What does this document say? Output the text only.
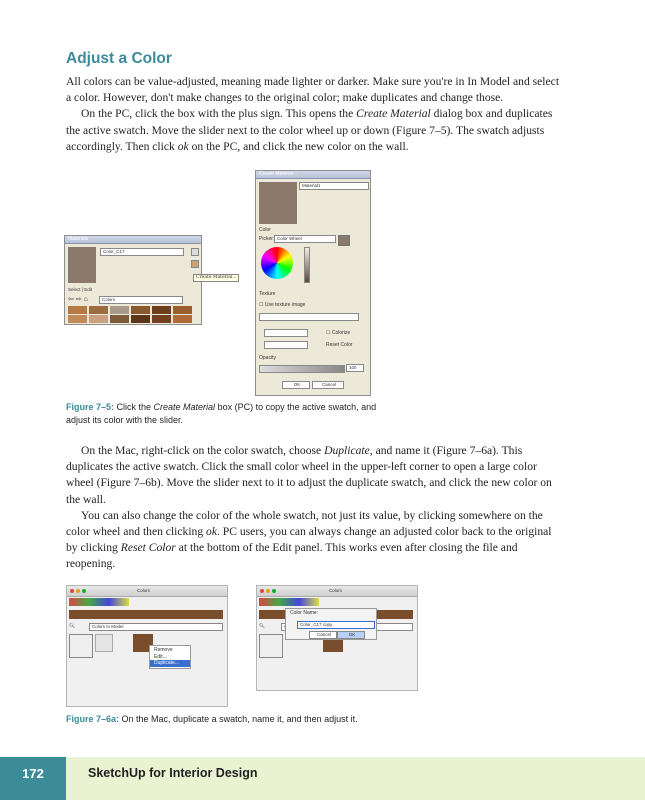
Adjust a Color

All colors can be value-adjusted, meaning made lighter or darker. Make sure you're in In Model and select a color. However, don't make changes to the original color; make duplicates and change those.

On the PC, click the box with the plus sign. This opens the Create Material dialog box and duplicates the active swatch. Move the slider next to the color wheel up or down (Figure 7–5). The swatch adjusts accordingly. Then click ok on the PC, and click the new color on the wall.

Materials
Color_C17
Select | Edit
⇦ ⇨ ⌂	Colors
Create Material...
Create Material...
Material1
Color
Picker: Color Wheel
Texture
☐ Use texture image
☐ Colorize
Reset Color
Opacity
100
OK	Cancel
Figure 7–5: Click the Create Material box (PC) to copy the active swatch, and adjust its color with the slider.

On the Mac, right-click on the color swatch, choose Duplicate, and name it (Figure 7–6a). This duplicates the active swatch. Click the small color wheel in the upper-left corner to open a large color wheel (Figure 7–6b). Move the slider next to it to adjust the duplicate swatch, and click the new color on the wall.

You can also change the color of the whole swatch, not just its value, by clicking somewhere on the color wheel and then clicking ok. PC users, you can always change an adjusted color back to the original by clicking Reset Color at the bottom of the Edit panel. This works even after closing the file and reopening.

Colors
🔍︎	Colors In Model
Remove
Edit...
Duplicate...
Colors
🔍︎
Color Name:
Color_C17 copy
Cancel	OK
Figure 7–6a: On the Mac, duplicate a swatch, name it, and then adjust it.
172	SketchUp for Interior Design
